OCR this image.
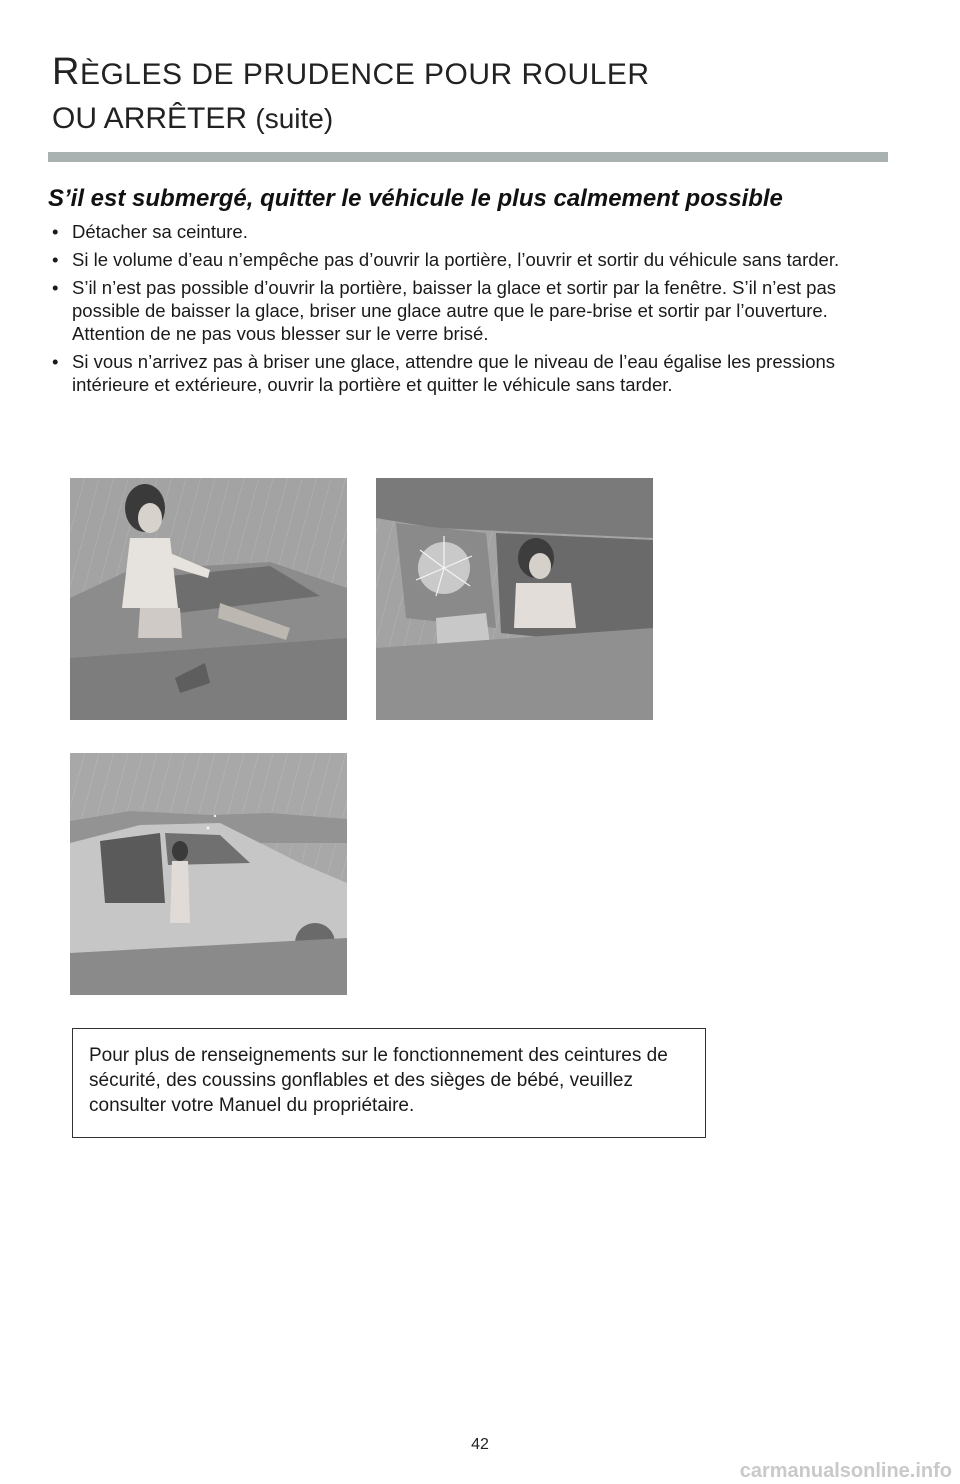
RÈGLES DE PRUDENCE POUR ROULER
OU ARRÊTER (suite)
S’il est submergé, quitter le véhicule le plus calmement possible
• Détacher sa ceinture.
• Si le volume d’eau n’empêche pas d’ouvrir la portière, l’ouvrir et sortir du véhicule sans tarder.
• S’il n’est pas possible d’ouvrir la portière, baisser la glace et sortir par la fenêtre. S’il n’est pas possible de baisser la glace, briser une glace autre que le pare-brise et sortir par l’ouverture. Attention de ne pas vous blesser sur le verre brisé.
• Si vous n’arrivez pas à briser une glace, attendre que le niveau de l’eau égalise les pressions intérieure et extérieure, ouvrir la portière et quitter le véhicule sans tarder.

Pour plus de renseignements sur le fonctionnement des ceintures de sécurité, des coussins gonflables et des sièges de bébé, veuillez consulter votre Manuel du propriétaire.

42
carmanualsonline.info
